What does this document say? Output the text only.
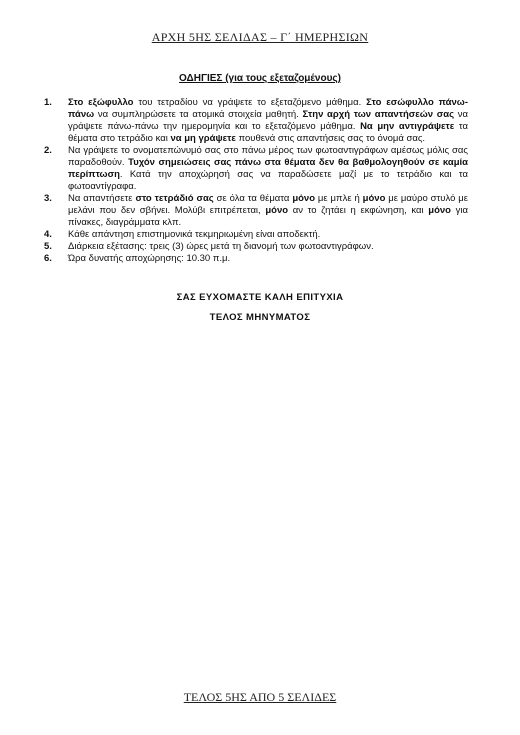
ΑΡΧΗ 5ΗΣ ΣΕΛΙΔΑΣ – Γ΄ ΗΜΕΡΗΣΙΩΝ
ΟΔΗΓΙΕΣ (για τους εξεταζομένους)
1.	Στο εξώφυλλο του τετραδίου να γράψετε το εξεταζόμενο μάθημα. Στο εσώφυλλο πάνω-πάνω να συμπληρώσετε τα ατομικά στοιχεία μαθητή. Στην αρχή των απαντήσεών σας να γράψετε πάνω-πάνω την ημερομηνία και το εξεταζόμενο μάθημα. Να μην αντιγράψετε τα θέματα στο τετράδιο και να μη γράψετε πουθενά στις απαντήσεις σας το όνομά σας.
2.	Να γράψετε το ονοματεπώνυμό σας στο πάνω μέρος των φωτοαντιγράφων αμέσως μόλις σας παραδοθούν. Τυχόν σημειώσεις σας πάνω στα θέματα δεν θα βαθμολογηθούν σε καμία περίπτωση. Κατά την αποχώρησή σας να παραδώσετε μαζί με το τετράδιο και τα φωτοαντίγραφα.
3.	Να απαντήσετε στο τετράδιό σας σε όλα τα θέματα μόνο με μπλε ή μόνο με μαύρο στυλό με μελάνι που δεν σβήνει. Μολύβι επιτρέπεται, μόνο αν το ζητάει η εκφώνηση, και μόνο για πίνακες, διαγράμματα κλπ.
4.	Κάθε απάντηση επιστημονικά τεκμηριωμένη είναι αποδεκτή.
5.	Διάρκεια εξέτασης: τρεις (3) ώρες μετά τη διανομή των φωτοαντιγράφων.
6.	Ώρα δυνατής αποχώρησης: 10.30 π.μ.
ΣΑΣ ΕΥΧΟΜΑΣΤΕ ΚΑΛΗ ΕΠΙΤΥΧΙΑ
ΤΕΛΟΣ ΜΗΝΥΜΑΤΟΣ
ΤΕΛΟΣ 5ΗΣ ΑΠΟ 5 ΣΕΛΙΔΕΣ
